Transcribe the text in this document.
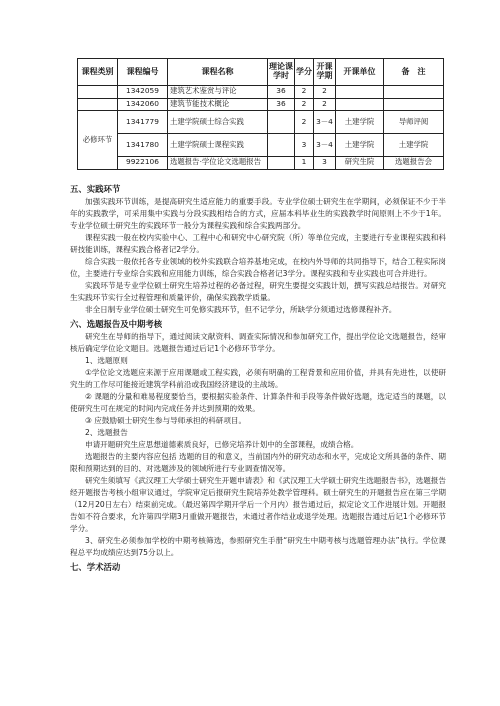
课程类别	课程编号	课程名称	理论课学时	学分	开课学期	开课单位	备　注
	1342059	建筑艺术鉴赏与评论	36	2	2		
	1342060	建筑节能技术概论	36	2	2		
必修环节	1341779	土建学院硕士综合实践		2	3－4	土建学院	导师评阅
	1341780	土建学院硕士课程实践		3	3－4	土建学院	土建学院
	9922106	选题报告·学位论文选题报告		1	3	研究生院	选题报告会
五、实践环节
加强实践环节训练，是提高研究生适应能力的重要手段。专业学位硕士研究生在学期间，必须保证不少于半年的实践教学，可采用集中实践与分段实践相结合的方式，应届本科毕业生的实践教学时间原则上不少于1年。专业学位硕士研究生的实践环节一般分为课程实践和综合实践两部分。
课程实践一般在校内实验中心、工程中心和研究中心研究院（所）等单位完成，主要进行专业课程实践和科研技能训练，课程实践合格者记2学分。
综合实践一般依托各专业领域的校外实践联合培养基地完成，在校内外导师的共同指导下，结合工程实际岗位，主要进行专业综合实践和应用能力训练，综合实践合格者记3学分。课程实践和专业实践也可合并进行。
实践环节是专业学位硕士研究生培养过程的必备过程，研究生要提交实践计划，撰写实践总结报告。对研究生实践环节实行全过程管理和质量评价，确保实践教学质量。
非全日制专业学位硕士研究生可免修实践环节，但不记学分，所缺学分须通过选修课程补齐。
六、选题报告及中期考核
研究生在导师的指导下，通过阅读文献资料、调查实际情况和参加研究工作，提出学位论文选题报告，经审核后确定学位论文题目。选题报告通过后记1个必修环节学分。
1、选题原则
①学位论文选题应来源于应用课题或工程实践，必须有明确的工程背景和应用价值，并具有先进性，以使研究生的工作尽可能接近建筑学科前沿或我国经济建设的主战场。
② 课题的分量和难易程度要恰当，要根据实验条件、计算条件和手段等条件做好选题，选定适当的课题，以使研究生可在规定的时间内完成任务并达到预期的效果。
③ 应鼓励硕士研究生参与导师承担的科研项目。
2、选题报告
申请开题研究生应思想道德素质良好，已修完培养计划中的全部课程，成绩合格。
选题报告的主要内容应包括 选题的目的和意义，当前国内外的研究动态和水平，完成论文所具备的条件、期限和预期达到的目的、对选题涉及的领域所进行专业调查情况等。
研究生须填写《武汉理工大学硕士研究生开题申请表》和《武汉理工大学硕士研究生选题报告书》，选题报告经开题报告考核小组审议通过，学院审定后报研究生院培养处教学管理科。硕士研究生的开题报告应在第三学期（12月20日左右）结束前完成。（最迟第四学期开学后一个月内）报告通过后，拟定论文工作进展计划。开题报告如不符合要求，允许第四学期3月重做开题报告，未通过者作结业或退学处理。选题报告通过后记1个必修环节学分。
3、研究生必须参加学校的中期考核筛选，参照研究生手册“研究生中期考核与选题管理办法”执行。学位课程总平均成绩应达到75分以上。
七、学术活动
